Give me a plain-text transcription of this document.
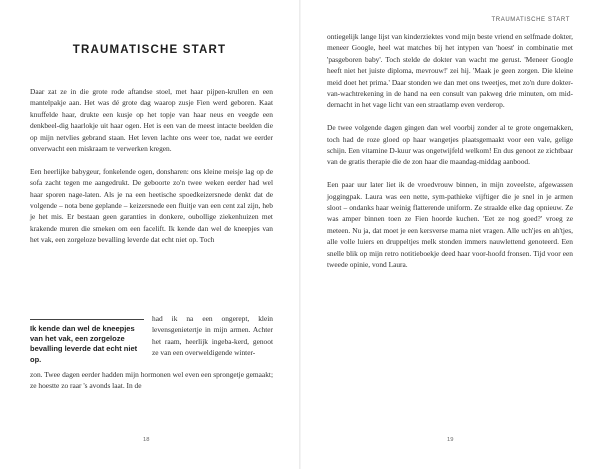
TRAUMATISCHE START

Daar zat ze in die grote rode aftandse stoel, met haar pijpen-krullen en een mantelpakje aan. Het was dé grote dag waarop zusje Fien werd geboren. Kaat knuffelde haar, drukte een kusje op het topje van haar neus en veegde een denkbeel-dig haarlokje uit haar ogen. Het is een van de meest intacte beelden die op mijn netvlies gebrand staan. Het leven lachte ons weer toe, nadat we eerder onverwacht een miskraam te verwerken kregen.

Een heerlijke babygeur, fonkelende ogen, donsharen: ons kleine meisje lag op de sofa zacht tegen me aangedrukt. De geboorte zo'n twee weken eerder had wel haar sporen nage-laten. Als je na een heetische spoedkeizersnede denkt dat de volgende – nota bene geplande – keizersnede een fluitje van een cent zal zijn, heb je het mis. Er bestaan geen garanties in donkere, oubollige ziekenhuizen met krakende muren die smeken om een facelift. Ik kende dan wel de kneepjes van het vak, een zorgeloze bevalling leverde dat echt niet op. Toch

Ik kende dan wel de kneepjes van het vak, een zorgeloze bevalling leverde dat echt niet op.

had ik na een ongerept, klein levensgenietertje in mijn armen. Achter het raam, heerlijk ingeba-kerd, genoot ze van een overweldigende winter-

zon. Twee dagen eerder hadden mijn hormonen wel even een sprongetje gemaakt; ze hoestte zo raar 's avonds laat. In de

18
TRAUMATISCHE START

ontiegelijk lange lijst van kinderziektes vond mijn beste vriend en selfmade dokter, meneer Google, heel wat matches bij het intypen van 'hoest' in combinatie met 'pasgeboren baby'. Toch stelde de dokter van wacht me gerust. 'Meneer Google heeft niet het juiste diploma, mevrouw!' zei hij. 'Maak je geen zorgen. Die kleine meid doet het prima.' Daar stonden we dan met ons tweetjes, met zo'n dure dokter-van-wachtrekening in de hand na een consult van pakweg drie minuten, om mid-dernacht in het vage licht van een straatlamp even verderop.

De twee volgende dagen gingen dan wel voorbij zonder al te grote ongemakken, toch had de roze gloed op haar wangetjes plaatsgemaakt voor een vale, gelige schijn. Een vitamine D-kuur was ongetwijfeld welkom! En dus genoot ze zichtbaar van de gratis therapie die de zon haar die maandag-middag aanbood.

Een paar uur later liet ik de vroedvrouw binnen, in mijn zoveelste, afgewassen joggingpak. Laura was een nette, sym-pathieke vijftiger die je snel in je armen sloot – ondanks haar weinig flatterende uniform. Ze straalde elke dag opnieuw. Ze was amper binnen toen ze Fien hoorde kuchen. 'Eet ze nog goed?' vroeg ze meteen. Nu ja, dat moet je een kersverse mama niet vragen. Alle uch'jes en ah'tjes, alle volle luiers en druppeltjes melk stonden immers nauwlettend genoteerd. Een snelle blik op mijn retro notitieboekje deed haar voor-hoofd fronsen. Tijd voor een tweede opinie, vond Laura.

19
